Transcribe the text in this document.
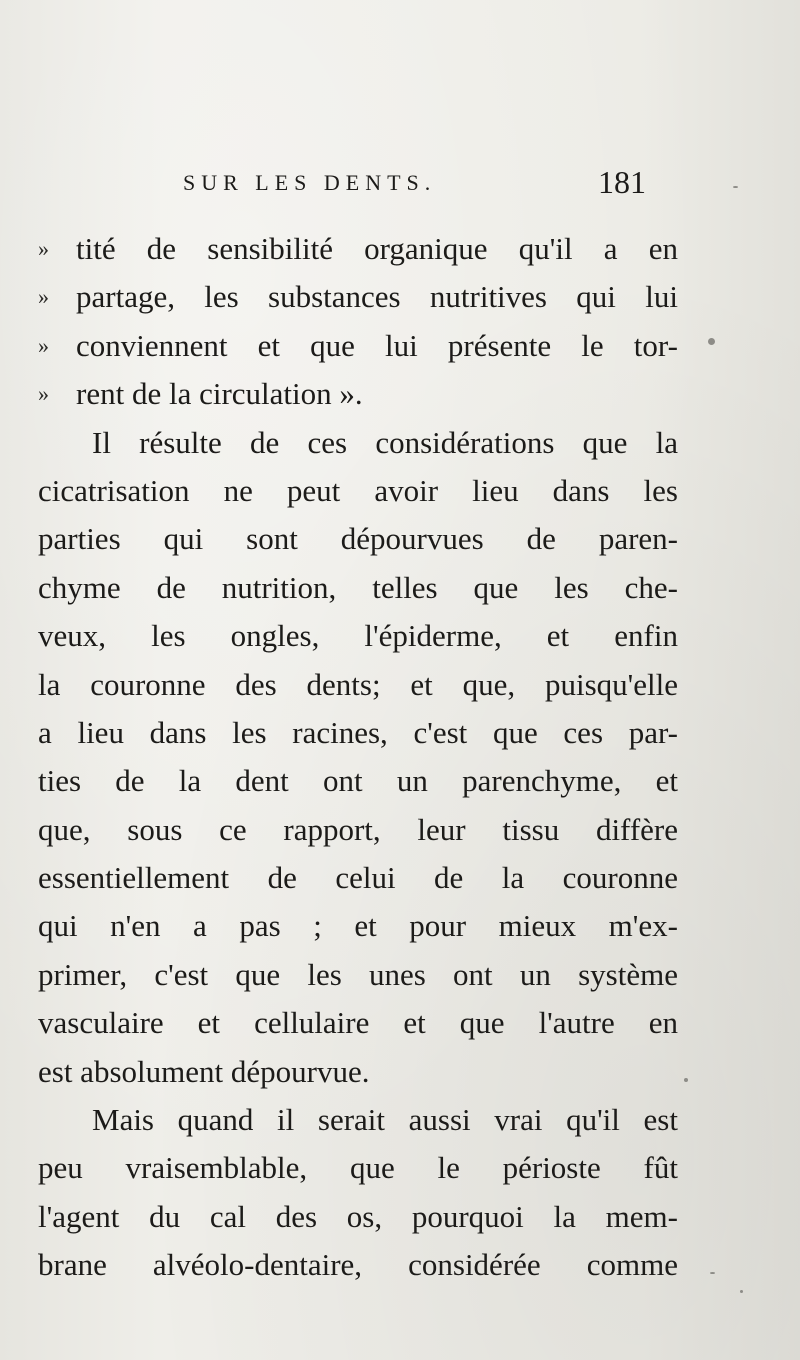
SUR LES DENTS.	181
» tité de sensibilité organique qu'il a en
» partage, les substances nutritives qui lui
» conviennent et que lui présente le tor-
» rent de la circulation ».
Il résulte de ces considérations que la
cicatrisation ne peut avoir lieu dans les
parties qui sont dépourvues de paren-
chyme de nutrition, telles que les che-
veux, les ongles, l'épiderme, et enfin
la couronne des dents; et que, puisqu'elle
a lieu dans les racines, c'est que ces par-
ties de la dent ont un parenchyme, et
que, sous ce rapport, leur tissu diffère
essentiellement de celui de la couronne
qui n'en a pas ; et pour mieux m'ex-
primer, c'est que les unes ont un système
vasculaire et cellulaire et que l'autre en
est absolument dépourvue.
Mais quand il serait aussi vrai qu'il est
peu vraisemblable, que le périoste fût
l'agent du cal des os, pourquoi la mem-
brane alvéolo-dentaire, considérée comme
